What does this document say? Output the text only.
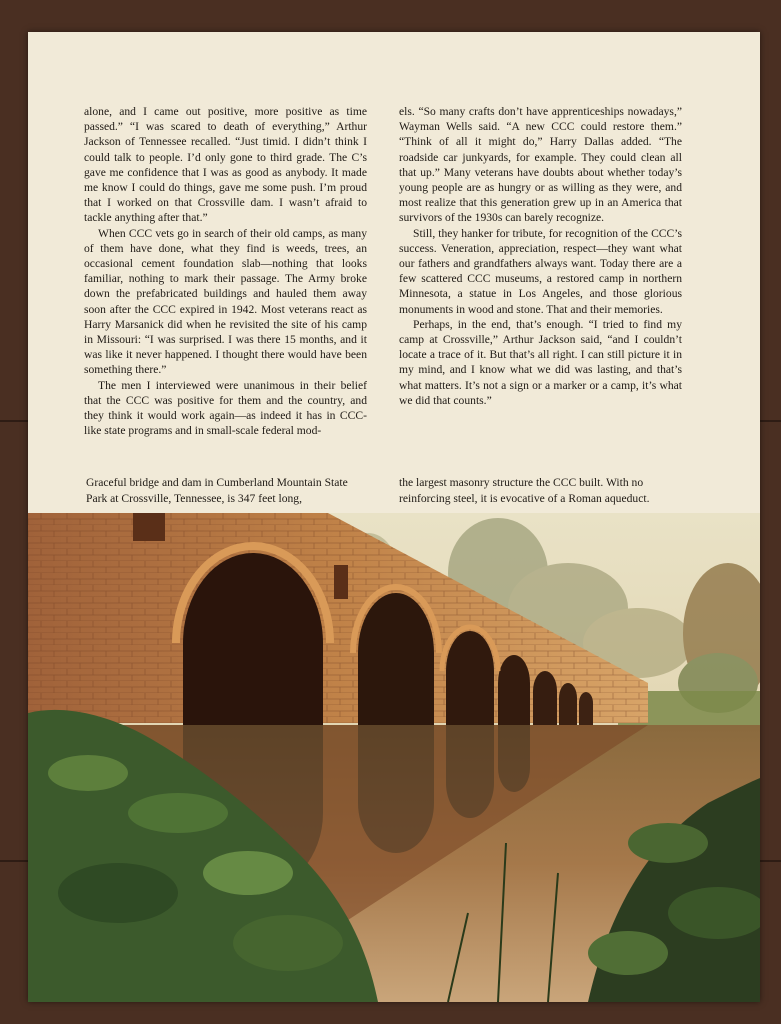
alone, and I came out positive, more positive as time passed.” “I was scared to death of everything,” Arthur Jackson of Tennessee recalled. “Just timid. I didn’t think I could talk to people. I’d only gone to third grade. The C’s gave me confidence that I was as good as anybody. It made me know I could do things, gave me some push. I’m proud that I worked on that Crossville dam. I wasn’t afraid to tackle anything after that.”

When CCC vets go in search of their old camps, as many of them have done, what they find is weeds, trees, an occasional cement foundation slab—nothing that looks familiar, nothing to mark their passage. The Army broke down the prefabricated buildings and hauled them away soon after the CCC expired in 1942. Most veterans react as Harry Marsanick did when he revisited the site of his camp in Missouri: “I was surprised. I was there 15 months, and it was like it never happened. I thought there would have been something there.”

The men I interviewed were unanimous in their belief that the CCC was positive for them and the country, and they think it would work again—as indeed it has in CCC-like state programs and in small-scale federal mod-

els. “So many crafts don’t have apprenticeships nowadays,” Wayman Wells said. “A new CCC could restore them.” “Think of all it might do,” Harry Dallas added. “The roadside car junkyards, for example. They could clean all that up.” Many veterans have doubts about whether today’s young people are as hungry or as willing as they were, and most realize that this generation grew up in an America that survivors of the 1930s can barely recognize.

Still, they hanker for tribute, for recognition of the CCC’s success. Veneration, appreciation, respect—they want what our fathers and grandfathers always want. Today there are a few scattered CCC museums, a restored camp in northern Minnesota, a statue in Los Angeles, and those glorious monuments in wood and stone. That and their memories.

Perhaps, in the end, that’s enough. “I tried to find my camp at Crossville,” Arthur Jackson said, “and I couldn’t locate a trace of it. But that’s all right. I can still picture it in my mind, and I know what we did was lasting, and that’s what matters. It’s not a sign or a marker or a camp, it’s what we did that counts.”

Graceful bridge and dam in Cumberland Mountain State Park at Crossville, Tennessee, is 347 feet long,
the largest masonry structure the CCC built. With no reinforcing steel, it is evocative of a Roman aqueduct.
